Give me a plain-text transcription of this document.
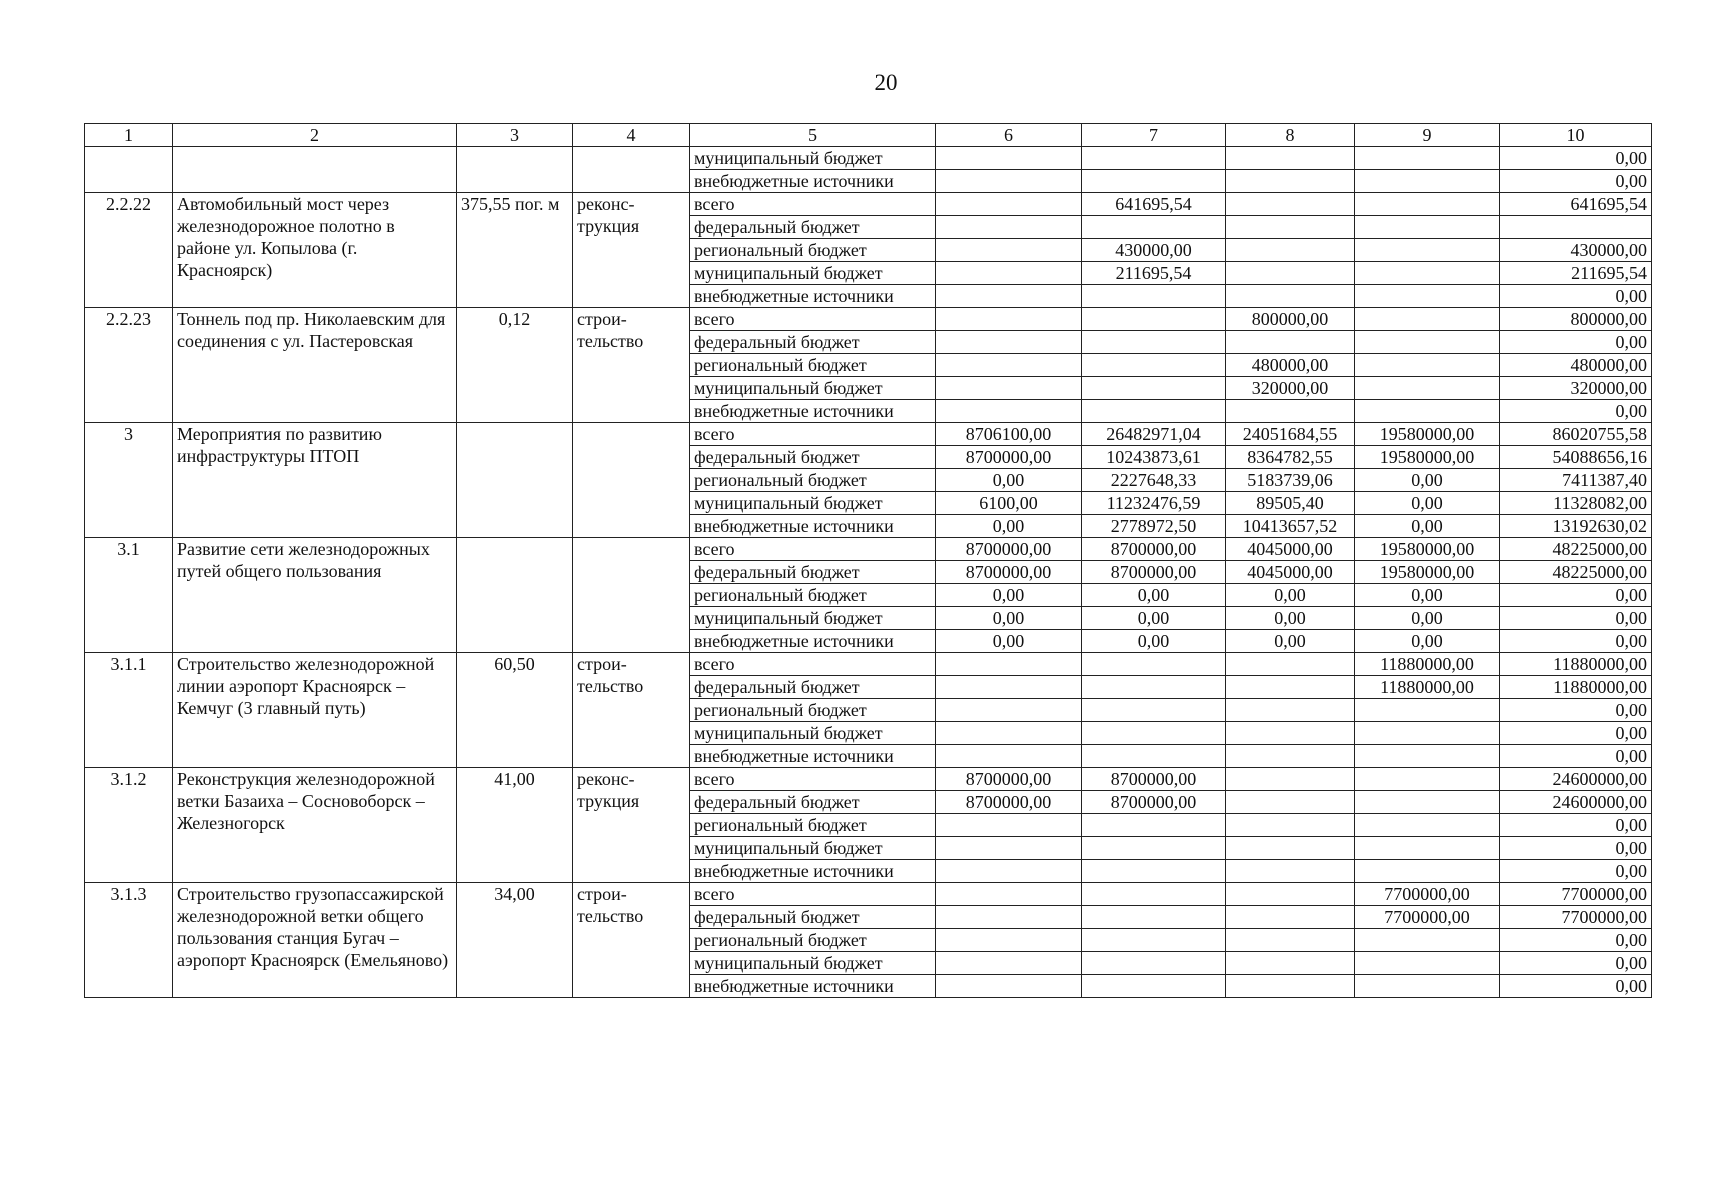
20
1	2	3	4	5	6	7	8	9	10
				муниципальный бюджет					0,00
				внебюджетные источники					0,00
2.2.22	Автомобильный мост через железнодорожное полотно в районе ул. Копылова (г. Красноярск)	375,55 пог. м	реконс-трукция	всего		641695,54			641695,54
				федеральный бюджет					
				региональный бюджет		430000,00			430000,00
				муниципальный бюджет		211695,54			211695,54
				внебюджетные источники					0,00
2.2.23	Тоннель под пр. Николаевским для соединения с ул. Пастеровская	0,12	строи-тельство	всего			800000,00		800000,00
				федеральный бюджет					0,00
				региональный бюджет			480000,00		480000,00
				муниципальный бюджет			320000,00		320000,00
				внебюджетные источники					0,00
3	Мероприятия по развитию инфраструктуры ПТОП			всего	8706100,00	26482971,04	24051684,55	19580000,00	86020755,58
				федеральный бюджет	8700000,00	10243873,61	8364782,55	19580000,00	54088656,16
				региональный бюджет	0,00	2227648,33	5183739,06	0,00	7411387,40
				муниципальный бюджет	6100,00	11232476,59	89505,40	0,00	11328082,00
				внебюджетные источники	0,00	2778972,50	10413657,52	0,00	13192630,02
3.1	Развитие сети железнодорожных путей общего пользования			всего	8700000,00	8700000,00	4045000,00	19580000,00	48225000,00
				федеральный бюджет	8700000,00	8700000,00	4045000,00	19580000,00	48225000,00
				региональный бюджет	0,00	0,00	0,00	0,00	0,00
				муниципальный бюджет	0,00	0,00	0,00	0,00	0,00
				внебюджетные источники	0,00	0,00	0,00	0,00	0,00
3.1.1	Строительство железнодорожной линии аэропорт Красноярск – Кемчуг (3 главный путь)	60,50	строи-тельство	всего				11880000,00	11880000,00
				федеральный бюджет				11880000,00	11880000,00
				региональный бюджет					0,00
				муниципальный бюджет					0,00
				внебюджетные источники					0,00
3.1.2	Реконструкция железнодорожной ветки Базаиха – Сосновоборск – Железногорск	41,00	реконс-трукция	всего	8700000,00	8700000,00			24600000,00
				федеральный бюджет	8700000,00	8700000,00			24600000,00
				региональный бюджет					0,00
				муниципальный бюджет					0,00
				внебюджетные источники					0,00
3.1.3	Строительство грузопассажирской железнодорожной ветки общего пользования станция Бугач – аэропорт Красноярск (Емельяново)	34,00	строи-тельство	всего				7700000,00	7700000,00
				федеральный бюджет				7700000,00	7700000,00
				региональный бюджет					0,00
				муниципальный бюджет					0,00
				внебюджетные источники					0,00
